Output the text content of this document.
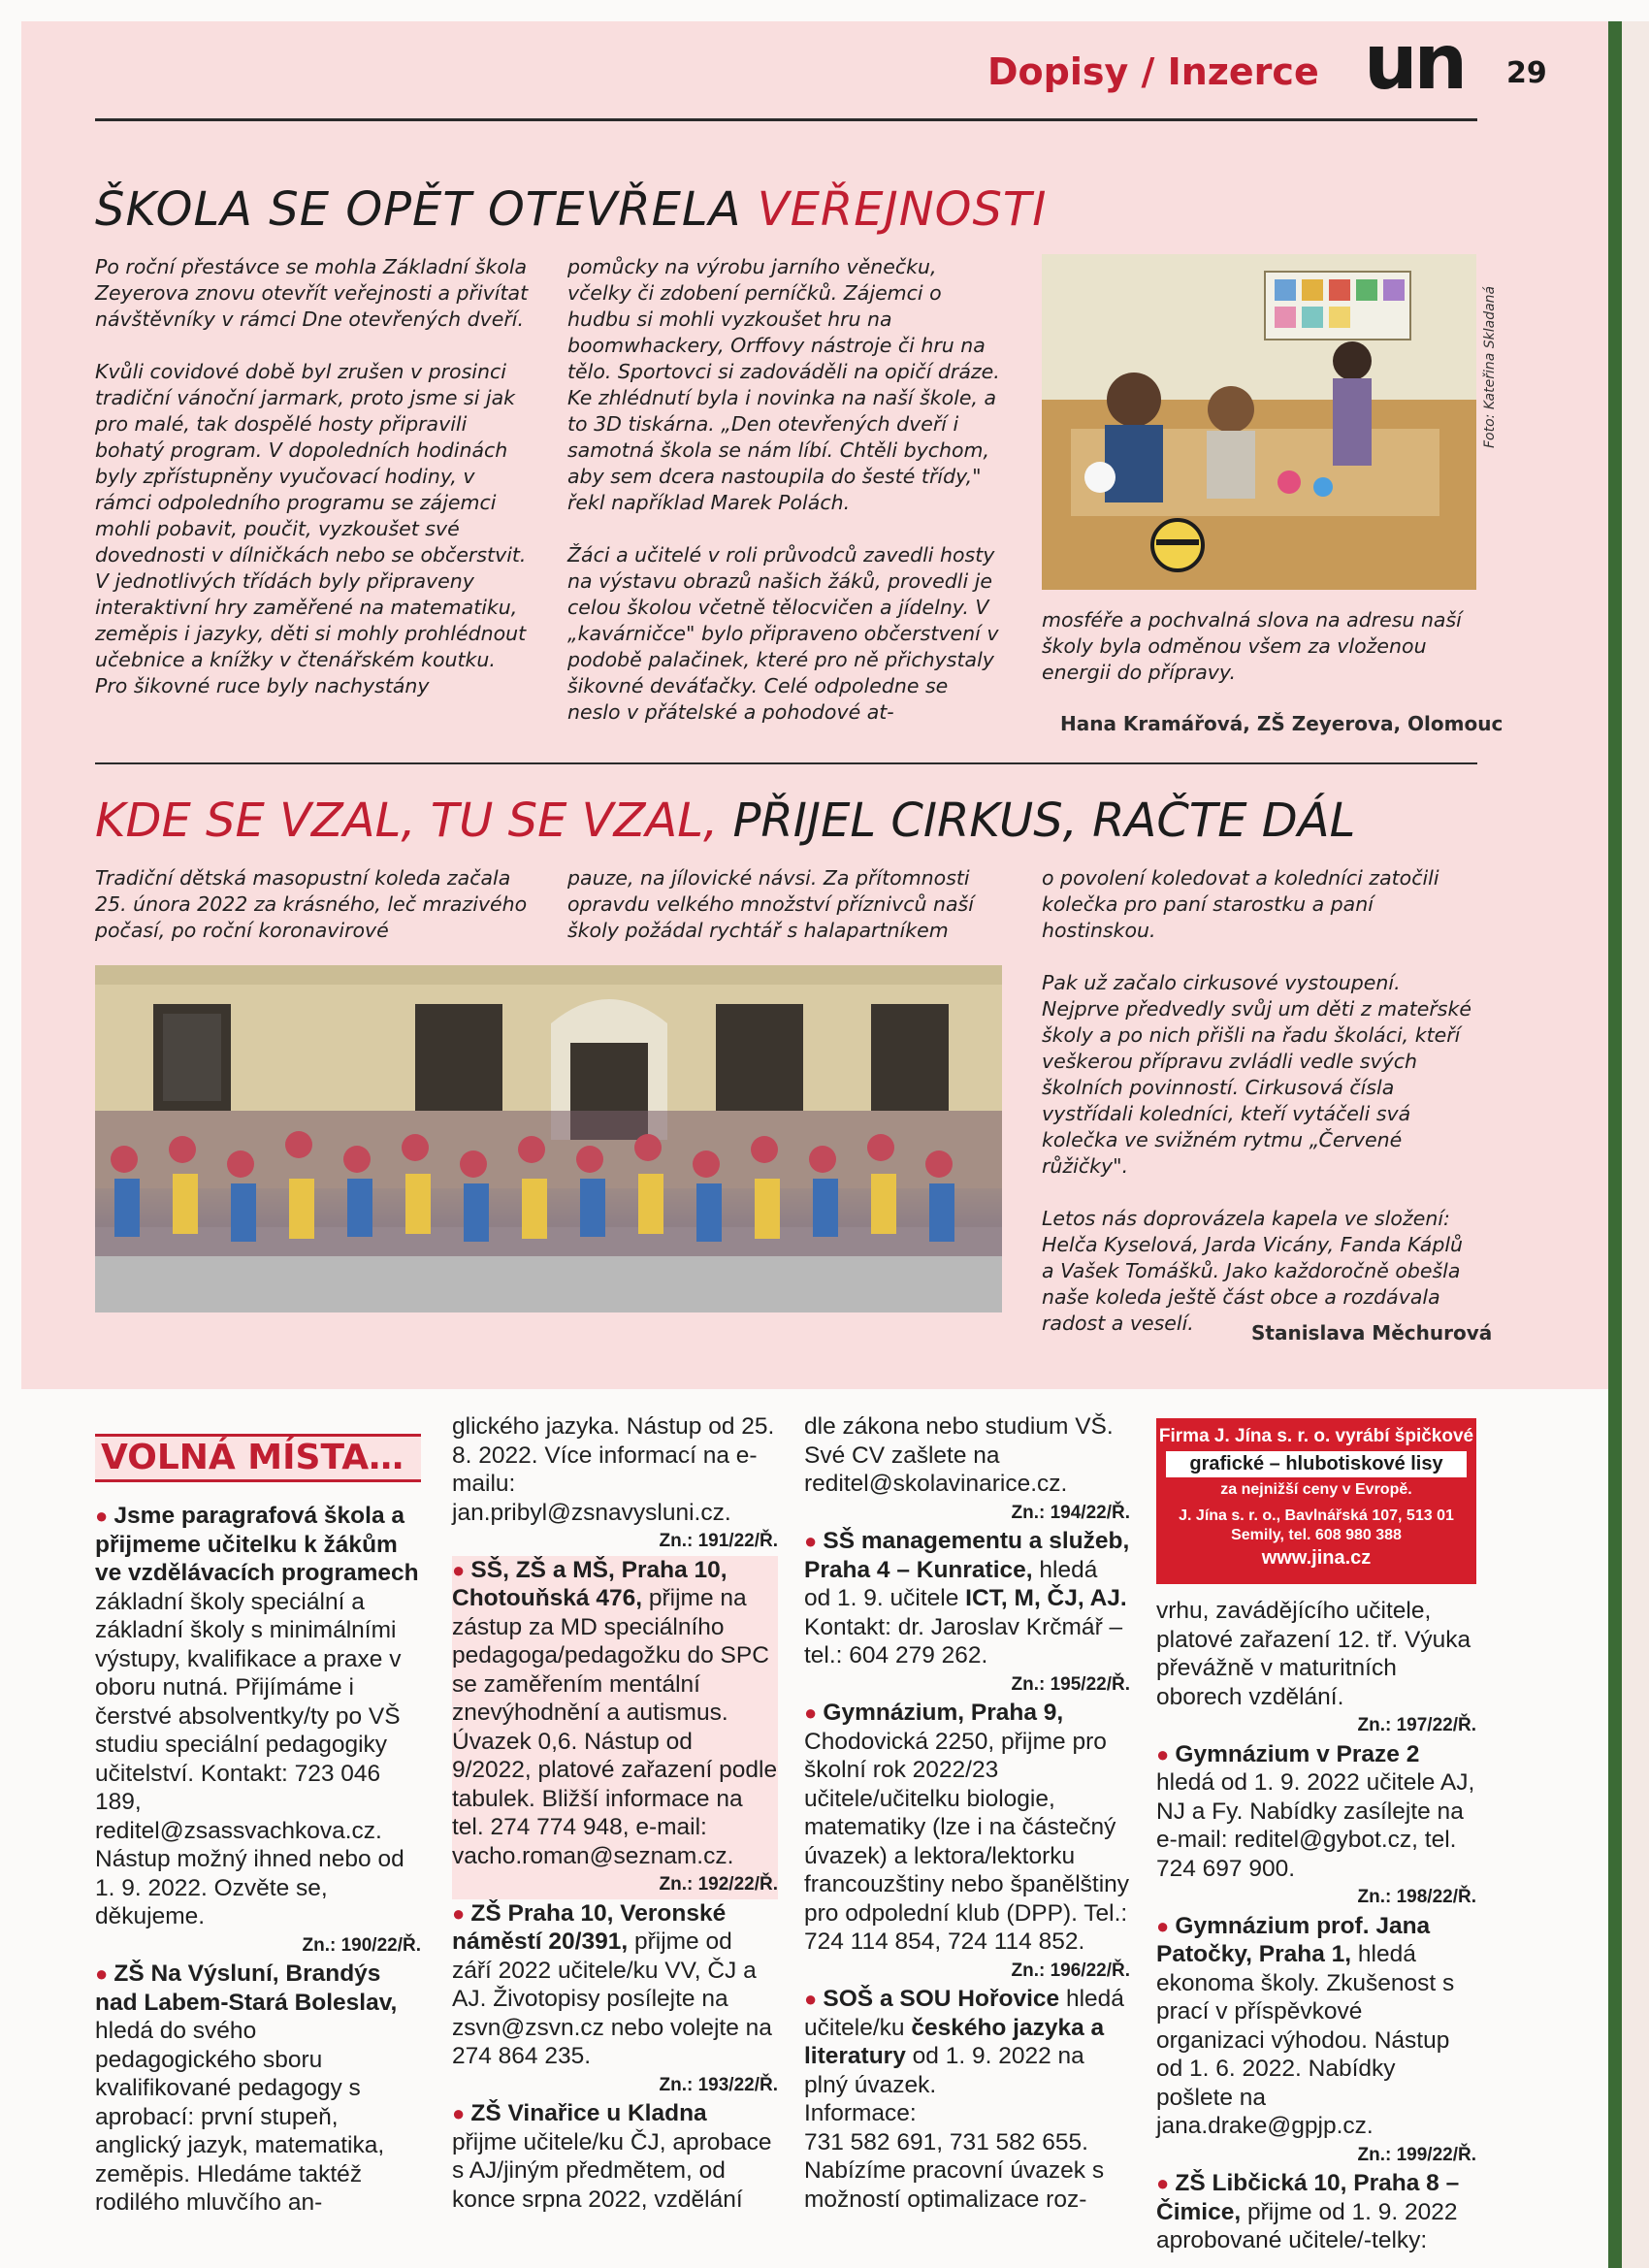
Dopisy / Inzerce un 29
ŠKOLA SE OPĚT OTEVŘELA VEŘEJNOSTI

Po roční přestávce se mohla Základní škola Zeyerova znovu otevřít veřejnosti a přivítat návštěvníky v rámci Dne otevřených dveří.

Kvůli covidové době byl zrušen v prosinci tradiční vánoční jarmark, proto jsme si jak pro malé, tak dospělé hosty připravili bohatý program. V dopoledních hodinách byly zpřístupněny vyučovací hodiny, v rámci odpoledního programu se zájemci mohli pobavit, poučit, vyzkoušet své dovednosti v dílničkách nebo se občerstvit. V jednotlivých třídách byly připraveny interaktivní hry zaměřené na matematiku, zeměpis i jazyky, děti si mohly prohlédnout učebnice a knížky v čtenářském koutku. Pro šikovné ruce byly nachystány

pomůcky na výrobu jarního věnečku, včelky či zdobení perníčků. Zájemci o hudbu si mohli vyzkoušet hru na boomwhackery, Orffovy nástroje či hru na tělo. Sportovci si zadováděli na opičí dráze. Ke zhlédnutí byla i novinka na naší škole, a to 3D tiskárna. „Den otevřených dveří i samotná škola se nám líbí. Chtěli bychom, aby sem dcera nastoupila do šesté třídy," řekl například Marek Polách.

Žáci a učitelé v roli průvodců zavedli hosty na výstavu obrazů našich žáků, provedli je celou školou včetně tělocvičen a jídelny. V „kavárničce" bylo připraveno občerstvení v podobě palačinek, které pro ně přichystaly šikovné deváťačky. Celé odpoledne se neslo v přátelské a pohodové at-

Foto: Kateřina Skladaná
mosféře a pochvalná slova na adresu naší školy byla odměnou všem za vloženou energii do přípravy.
Hana Kramářová, ZŠ Zeyerova, Olomouc
KDE SE VZAL, TU SE VZAL, PŘIJEL CIRKUS, RAČTE DÁL
Tradiční dětská masopustní koleda začala 25. února 2022 za krásného, leč mrazivého počasí, po roční koronavirové
pauze, na jílovické návsi. Za přítomnosti opravdu velkého množství příznivců naší školy požádal rychtář s halapartníkem

o povolení koledovat a koledníci zatočili kolečka pro paní starostku a paní hostinskou.

Pak už začalo cirkusové vystoupení. Nejprve předvedly svůj um děti z mateřské školy a po nich přišli na řadu školáci, kteří veškerou přípravu zvládli vedle svých školních povinností. Cirkusová čísla vystřídali koledníci, kteří vytáčeli svá kolečka ve svižném rytmu „Červené růžičky".

Letos nás doprovázela kapela ve složení: Helča Kyselová, Jarda Vicány, Fanda Káplů a Vašek Tomášků. Jako každoročně obešla naše koleda ještě část obce a rozdávala radost a veselí.	Stanislava Měchurová
VOLNÁ MÍSTA…
● Jsme paragrafová škola a přijmeme učitelku k žákům ve vzdělávacích programech základní školy speciální a základní školy s minimálními výstupy, kvalifikace a praxe v oboru nutná. Přijímáme i čerstvé absolventky/ty po VŠ studiu speciální pedagogiky učitelství. Kontakt: 723 046 189, reditel@zsassvachkova.cz. Nástup možný ihned nebo od 1. 9. 2022. Ozvěte se, děkujeme.
Zn.: 190/22/Ř.
● ZŠ Na Výsluní, Brandýs nad Labem-Stará Boleslav, hledá do svého pedagogického sboru kvalifikované pedagogy s aprobací: první stupeň, anglický jazyk, matematika, zeměpis. Hledáme taktéž rodilého mluvčího an-
glického jazyka. Nástup od 25. 8. 2022. Více informací na e-mailu: jan.pribyl@zsnavysluni.cz.
Zn.: 191/22/Ř.
● SŠ, ZŠ a MŠ, Praha 10, Chotouňská 476, přijme na zástup za MD speciálního pedagoga/pedagožku do SPC se zaměřením mentální znevýhodnění a autismus. Úvazek 0,6. Nástup od 9/2022, platové zařazení podle tabulek. Bližší informace na tel. 274 774 948, e-mail: vacho.roman@seznam.cz.
Zn.: 192/22/Ř.
● ZŠ Praha 10, Veronské náměstí 20/391, přijme od září 2022 učitele/ku VV, ČJ a AJ. Životopisy posílejte na zsvn@zsvn.cz nebo volejte na 274 864 235.
Zn.: 193/22/Ř.
● ZŠ Vinařice u Kladna přijme učitele/ku ČJ, aprobace s AJ/jiným předmětem, od konce srpna 2022, vzdělání
dle zákona nebo studium VŠ. Své CV zašlete na reditel@skolavinarice.cz.
Zn.: 194/22/Ř.
● SŠ managementu a služeb, Praha 4 – Kunratice, hledá od 1. 9. učitele ICT, M, ČJ, AJ. Kontakt: dr. Jaroslav Krčmář – tel.: 604 279 262.
Zn.: 195/22/Ř.
● Gymnázium, Praha 9, Chodovická 2250, přijme pro školní rok 2022/23 učitele/učitelku biologie, matematiky (lze i na částečný úvazek) a lektora/lektorku francouzštiny nebo španělštiny pro odpolední klub (DPP). Tel.: 724 114 854, 724 114 852.
Zn.: 196/22/Ř.
● SOŠ a SOU Hořovice hledá učitele/ku českého jazyka a literatury od 1. 9. 2022 na plný úvazek.
Informace:
731 582 691, 731 582 655.
Nabízíme pracovní úvazek s možností optimalizace roz-
Firma J. Jína s. r. o. vyrábí špičkové
grafické – hlubotiskové lisy
za nejnižší ceny v Evropě.
J. Jína s. r. o., Bavlnářská 107, 513 01
Semily, tel. 608 980 388
www.jina.cz
vrhu, zavádějícího učitele, platové zařazení 12. tř. Výuka převážně v maturitních oborech vzdělání.
Zn.: 197/22/Ř.
● Gymnázium v Praze 2 hledá od 1. 9. 2022 učitele AJ, NJ a Fy. Nabídky zasílejte na e-mail: reditel@gybot.cz, tel. 724 697 900.
Zn.: 198/22/Ř.
● Gymnázium prof. Jana Patočky, Praha 1, hledá ekonoma školy. Zkušenost s prací v příspěvkové organizaci výhodou. Nástup od 1. 6. 2022. Nabídky pošlete na jana.drake@gpjp.cz.
Zn.: 199/22/Ř.
● ZŠ Libčická 10, Praha 8 – Čimice, přijme od 1. 9. 2022 aprobované učitele/-telky:
